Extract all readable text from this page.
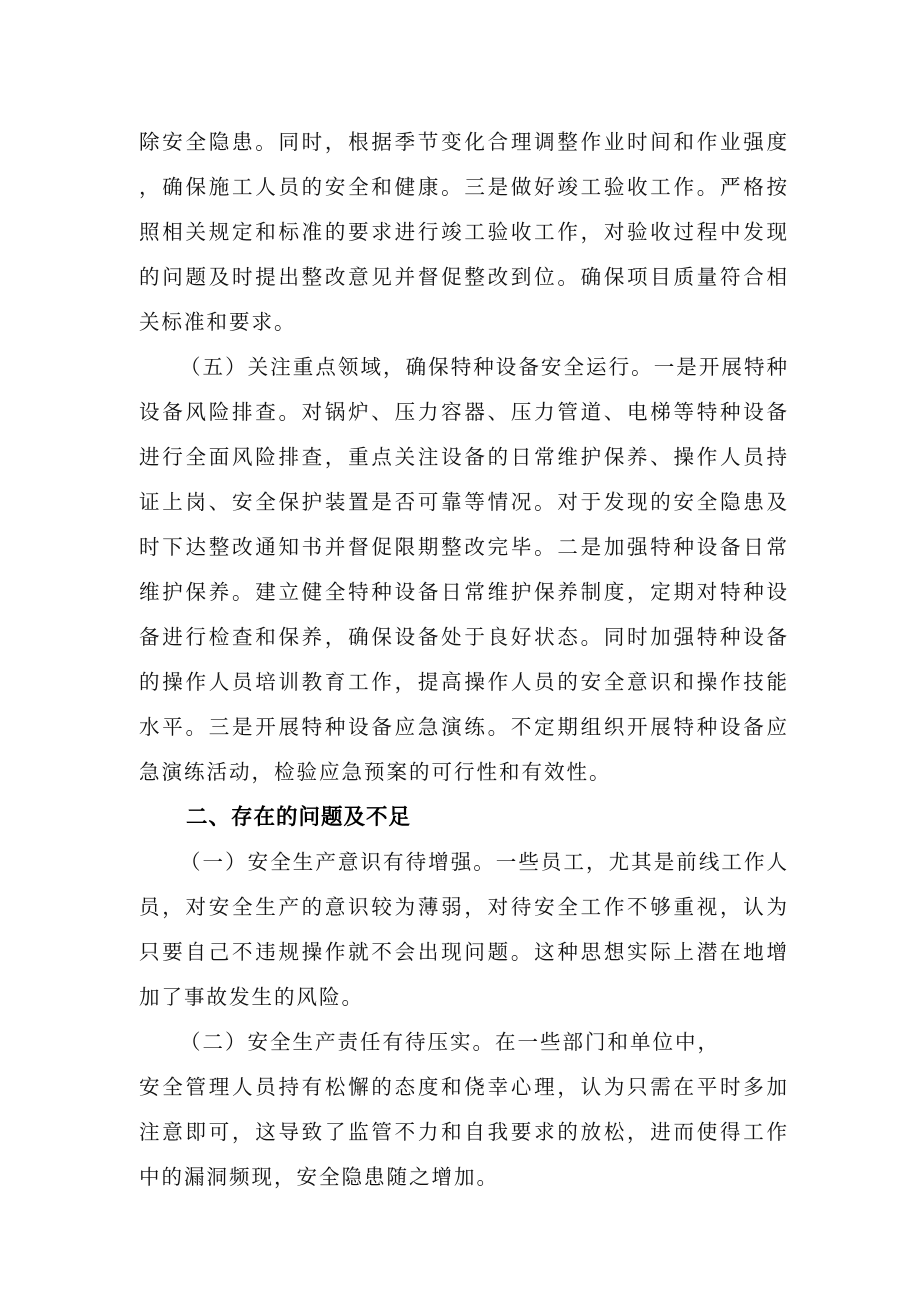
除安全隐患。同时，根据季节变化合理调整作业时间和作业强度，确保施工人员的安全和健康。三是做好竣工验收工作。严格按照相关规定和标准的要求进行竣工验收工作，对验收过程中发现的问题及时提出整改意见并督促整改到位。确保项目质量符合相关标准和要求。

（五）关注重点领域，确保特种设备安全运行。一是开展特种设备风险排查。对锅炉、压力容器、压力管道、电梯等特种设备进行全面风险排查，重点关注设备的日常维护保养、操作人员持证上岗、安全保护装置是否可靠等情况。对于发现的安全隐患及时下达整改通知书并督促限期整改完毕。二是加强特种设备日常维护保养。建立健全特种设备日常维护保养制度，定期对特种设备进行检查和保养，确保设备处于良好状态。同时加强特种设备的操作人员培训教育工作，提高操作人员的安全意识和操作技能水平。三是开展特种设备应急演练。不定期组织开展特种设备应急演练活动，检验应急预案的可行性和有效性。

二、存在的问题及不足

（一）安全生产意识有待增强。一些员工，尤其是前线工作人员，对安全生产的意识较为薄弱，对待安全工作不够重视，认为只要自己不违规操作就不会出现问题。这种思想实际上潜在地增加了事故发生的风险。

（二）安全生产责任有待压实。在一些部门和单位中，

安全管理人员持有松懈的态度和侥幸心理，认为只需在平时多加注意即可，这导致了监管不力和自我要求的放松，进而使得工作中的漏洞频现，安全隐患随之增加。
